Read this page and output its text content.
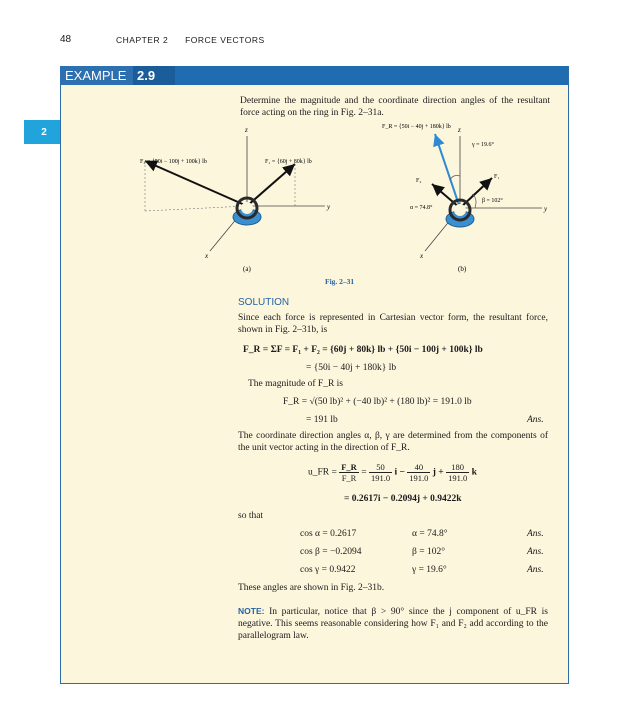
48	CHAPTER 2 FORCE VECTORS
2
EXAMPLE 2.9
Determine the magnitude and the coordinate direction angles of the resultant force acting on the ring in Fig. 2–31a.
z
y
x
F₂ = {50i − 100j + 100k} lb	F₁ = {60j + 80k} lb
(a)
z
y
x
F_R = {50i − 40j + 180k} lb
γ = 19.6°
β = 102°
α = 74.8°
F₁
F₂
(b)
Fig. 2–31
SOLUTION
Since each force is represented in Cartesian vector form, the resultant force, shown in Fig. 2–31b, is
F_R = ΣF = F₁ + F₂ = {60j + 80k} lb + {50i − 100j + 100k} lb
= {50i − 40j + 180k} lb
The magnitude of F_R is
F_R = √(50 lb)² + (−40 lb)² + (180 lb)² = 191.0 lb
= 191 lb	Ans.
The coordinate direction angles α, β, γ are determined from the components of the unit vector acting in the direction of F_R.
u_FR = $\frac{F\_R}{F\_R} = \frac{50}{191.0}$ $i - \frac{40}{191.0}$ $j + \frac{180}{191.0}$ k
= 0.2617i − 0.2094j + 0.9422k
so that
cos α = 0.2617	α = 74.8°	Ans.
cos β = −0.2094	β = 102°	Ans.
cos γ = 0.9422	γ = 19.6°	Ans.
These angles are shown in Fig. 2–31b.
NOTE: In particular, notice that β > 90° since the j component of u_FR is negative. This seems reasonable considering how F₁ and F₂ add according to the parallelogram law.
